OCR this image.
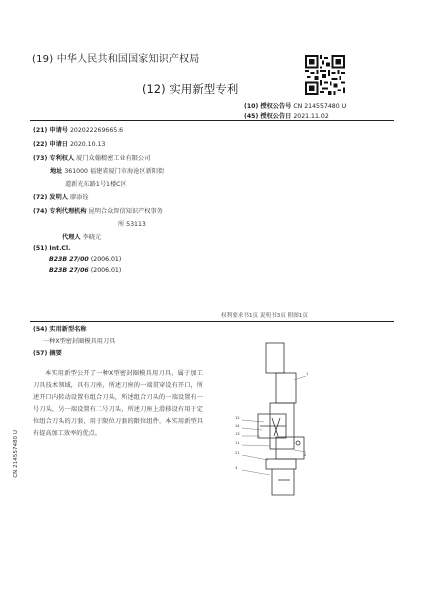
(19) 中华人民共和国国家知识产权局
(12) 实用新型专利
(10) 授权公告号 CN 214557480 U
(45) 授权公告日 2021.11.02
(21) 申请号 202022269665.6
(22) 申请日 2020.10.13
(73) 专利权人 厦门众翰精密工业有限公司
地址 361000 福建省厦门市海沧区新阳街
道新光东路1号1楼C区
(72) 发明人 廖添铨
(74) 专利代理机构 昆明合众智信知识产权事务
所 53113
代理人 李晓元
(51) Int.Cl.
B23B 27/00 (2006.01)
B23B 27/06 (2006.01)
权利要求书1页 说明书3页 附图1页
(54) 实用新型名称
一种X型密封圈模具用刀具
(57) 摘要
本实用新型公开了一种X型密封圈模具用刀具，属于加工刀具技术领域，具有刀座，所述刀座的一端贯穿设有开口，所述开口内转动设置有组合刀头，所述组合刀头的一端设置有一号刀头，另一端设置有二号刀头，所述刀座上滑移设有用于定位组合刀头的刀套、用于限位刀套的限位组件，本实用新型具有提高加工效率的优点。
CN 214557480 U
1
12
14
13
11
2
21
3
